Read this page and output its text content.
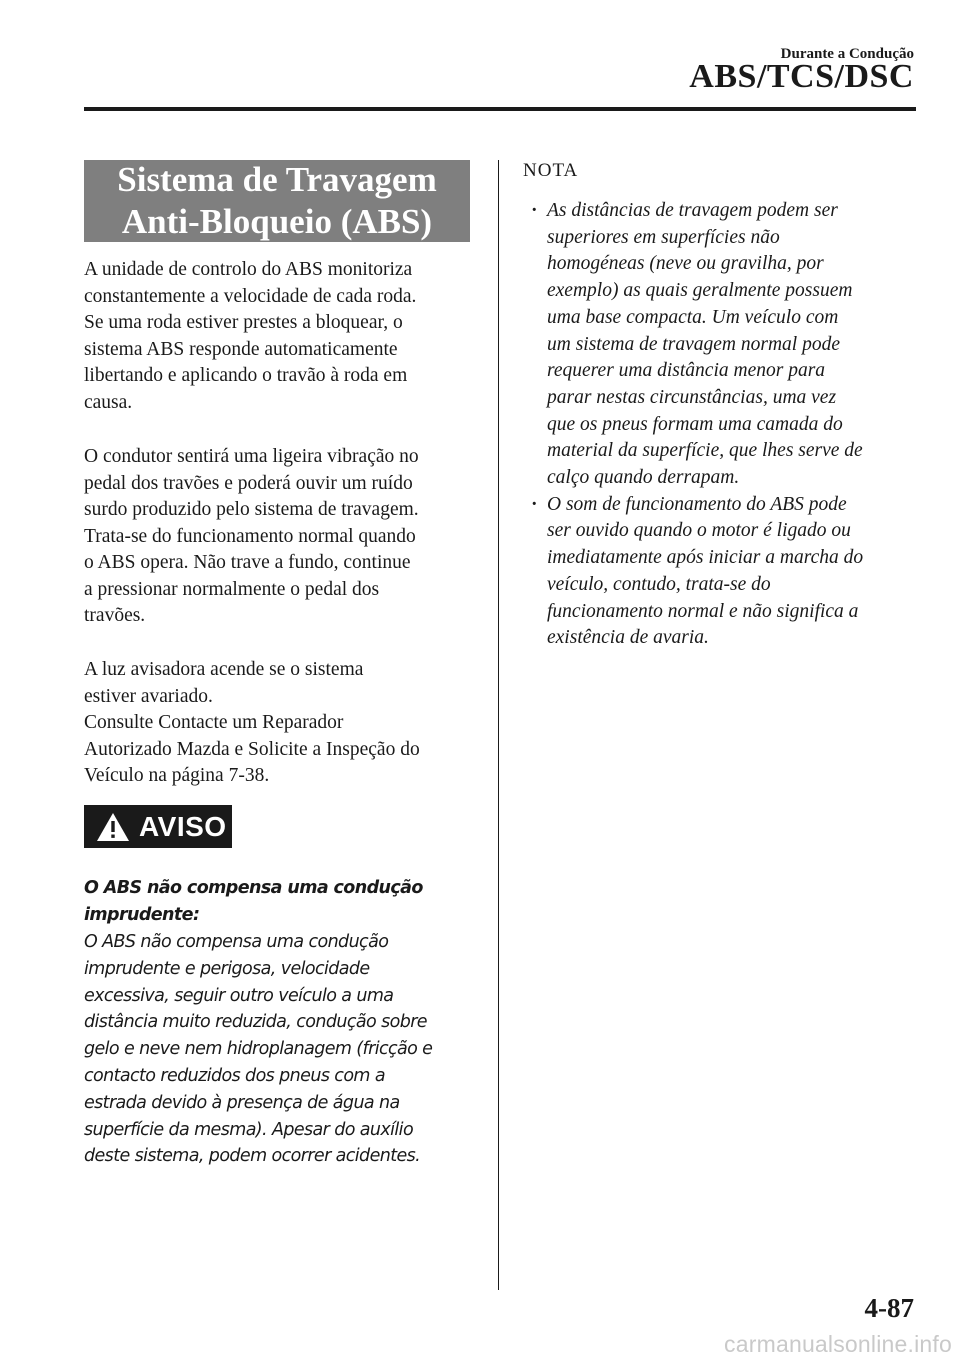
Durante a Condução
ABS/TCS/DSC
Sistema de Travagem
Anti-Bloqueio (ABS)

A unidade de controlo do ABS monitoriza
constantemente a velocidade de cada roda.
Se uma roda estiver prestes a bloquear, o
sistema ABS responde automaticamente
libertando e aplicando o travão à roda em
causa.

O condutor sentirá uma ligeira vibração no
pedal dos travões e poderá ouvir um ruído
surdo produzido pelo sistema de travagem.
Trata-se do funcionamento normal quando
o ABS opera. Não trave a fundo, continue
a pressionar normalmente o pedal dos
travões.

A luz avisadora acende se o sistema
estiver avariado.
Consulte Contacte um Reparador
Autorizado Mazda e Solicite a Inspeção do
Veículo na página 7-38.

AVISO

O ABS não compensa uma condução
imprudente:

O ABS não compensa uma condução
imprudente e perigosa, velocidade
excessiva, seguir outro veículo a uma
distância muito reduzida, condução sobre
gelo e neve nem hidroplanagem (fricção e
contacto reduzidos dos pneus com a
estrada devido à presença de água na
superfície da mesma). Apesar do auxílio
deste sistema, podem ocorrer acidentes.

NOTA
· As distâncias de travagem podem ser
superiores em superfícies não
homogéneas (neve ou gravilha, por
exemplo) as quais geralmente possuem
uma base compacta. Um veículo com
um sistema de travagem normal pode
requerer uma distância menor para
parar nestas circunstâncias, uma vez
que os pneus formam uma camada do
material da superfície, que lhes serve de
calço quando derrapam.
· O som de funcionamento do ABS pode
ser ouvido quando o motor é ligado ou
imediatamente após iniciar a marcha do
veículo, contudo, trata-se do
funcionamento normal e não significa a
existência de avaria.
4-87
carmanualsonline.info
